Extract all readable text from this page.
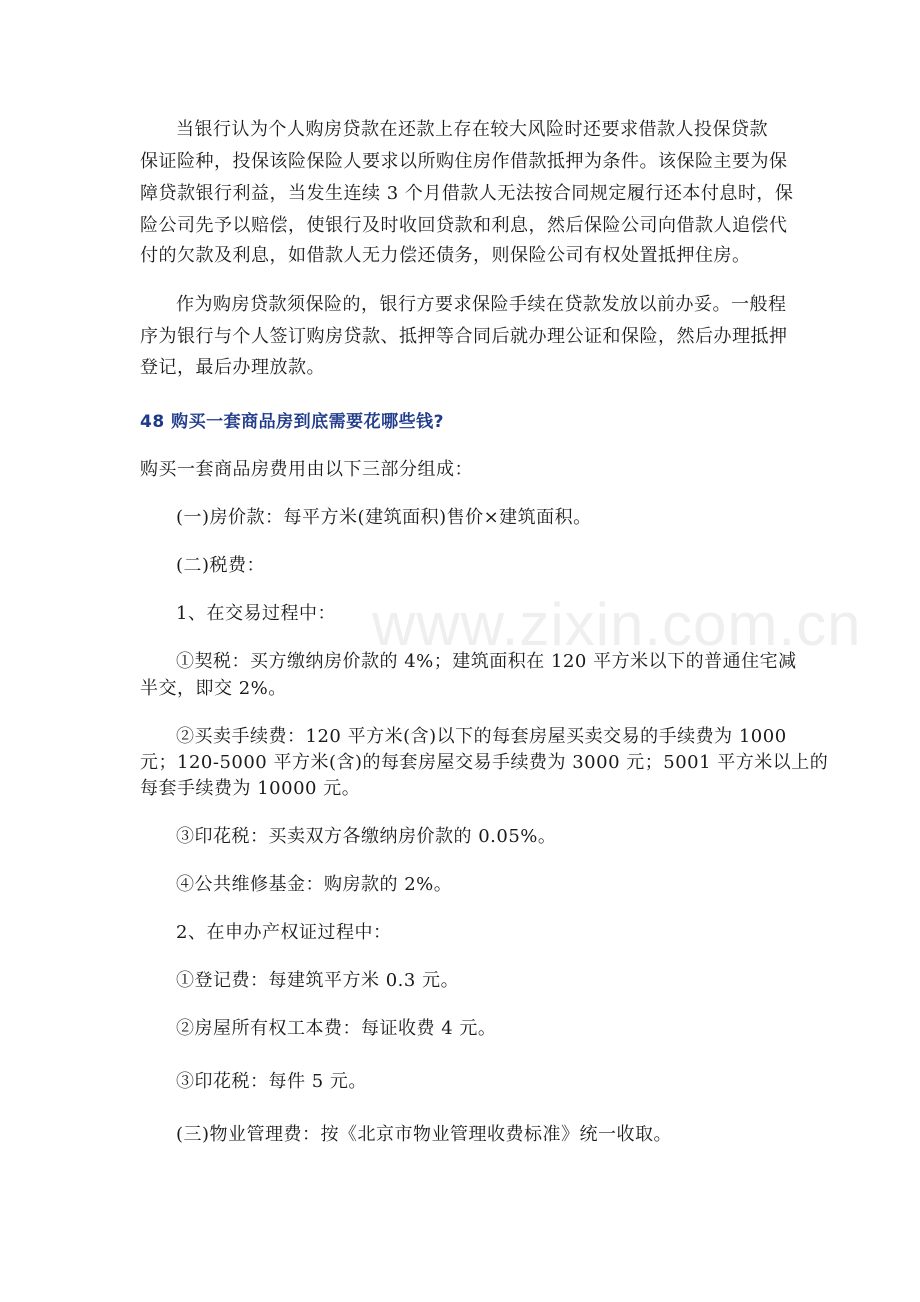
www.zixin.com.cn
当银行认为个人购房贷款在还款上存在较大风险时还要求借款人投保贷款
保证险种，投保该险保险人要求以所购住房作借款抵押为条件。该保险主要为保
障贷款银行利益，当发生连续 3 个月借款人无法按合同规定履行还本付息时，保
险公司先予以赔偿，使银行及时收回贷款和利息，然后保险公司向借款人追偿代
付的欠款及利息，如借款人无力偿还债务，则保险公司有权处置抵押住房。
作为购房贷款须保险的，银行方要求保险手续在贷款发放以前办妥。一般程
序为银行与个人签订购房贷款、抵押等合同后就办理公证和保险，然后办理抵押
登记，最后办理放款。
48 购买一套商品房到底需要花哪些钱?
购买一套商品房费用由以下三部分组成：
(一)房价款：每平方米(建筑面积)售价×建筑面积。
(二)税费：
1、在交易过程中：
①契税：买方缴纳房价款的 4%；建筑面积在 120 平方米以下的普通住宅减
半交，即交 2%。
②买卖手续费：120 平方米(含)以下的每套房屋买卖交易的手续费为 1000
元；120-5000 平方米(含)的每套房屋交易手续费为 3000 元；5001 平方米以上的
每套手续费为 10000 元。
③印花税：买卖双方各缴纳房价款的 0.05%。
④公共维修基金：购房款的 2%。
2、在申办产权证过程中：
①登记费：每建筑平方米 0.3 元。
②房屋所有权工本费：每证收费 4 元。
③印花税：每件 5 元。
(三)物业管理费：按《北京市物业管理收费标准》统一收取。
